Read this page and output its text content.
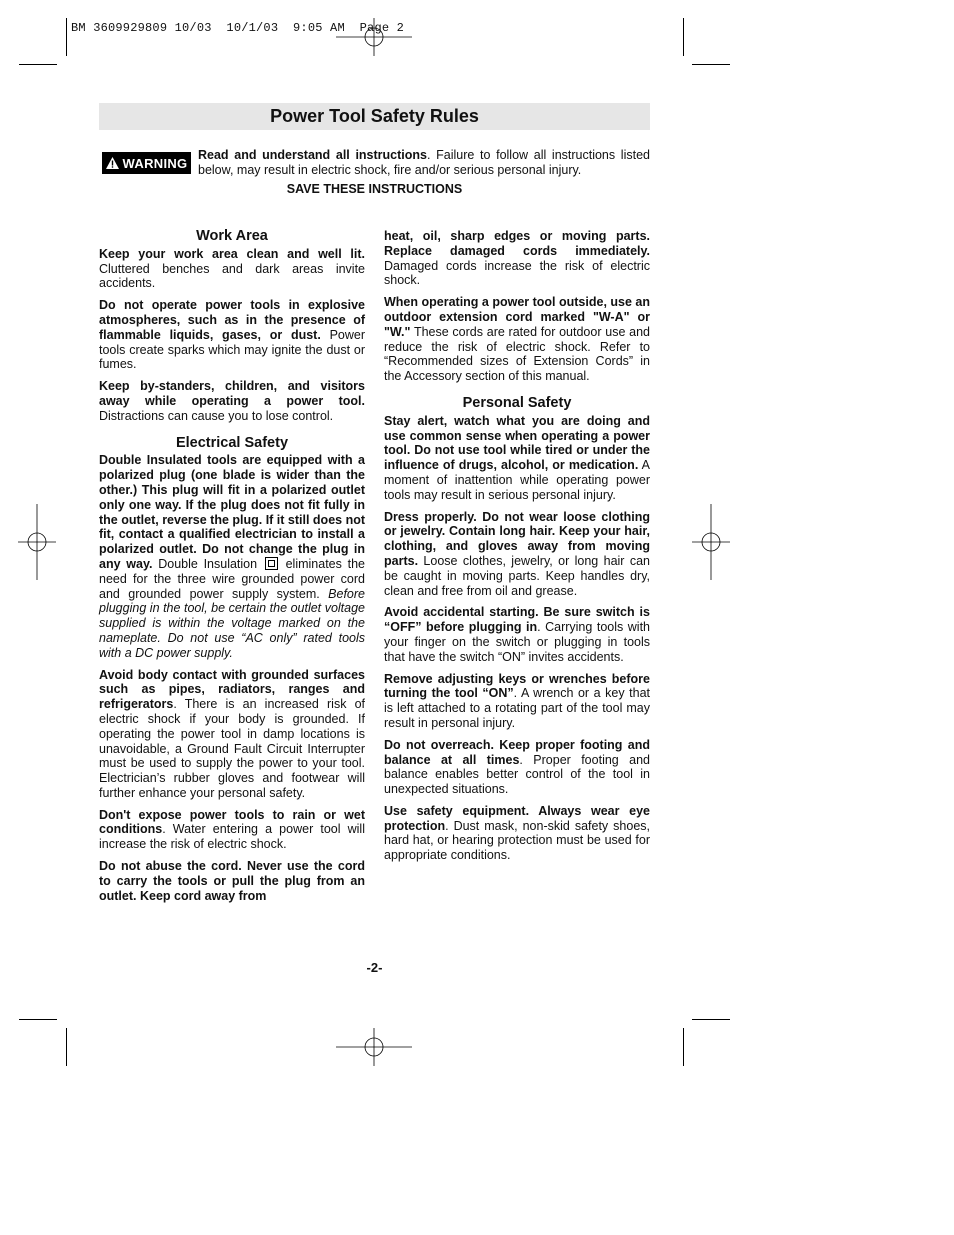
BM 3609929809 10/03  10/1/03  9:05 AM  Page 2
Power Tool Safety Rules
WARNING
Read and understand all instructions. Failure to follow all instructions listed below, may result in electric shock, fire and/or serious personal injury.
SAVE THESE INSTRUCTIONS
Work Area

Keep your work area clean and well lit. Cluttered benches and dark areas invite accidents.

Do not operate power tools in explosive atmospheres, such as in the presence of flammable liquids, gases, or dust. Power tools create sparks which may ignite the dust or fumes.

Keep by-standers, children, and visitors away while operating a power tool. Distractions can cause you to lose control.

Electrical Safety

Double Insulated tools are equipped with a polarized plug (one blade is wider than the other.) This plug will fit in a polarized outlet only one way. If the plug does not fit fully in the outlet, reverse the plug. If it still does not fit, contact a qualified electrician to install a polarized outlet. Do not change the plug in any way. Double Insulation  eliminates the need for the three wire grounded power cord and grounded power supply system. Before plugging in the tool, be certain the outlet voltage supplied is within the voltage marked on the nameplate. Do not use “AC only” rated tools with a DC power supply.

Avoid body contact with grounded surfaces such as pipes, radiators, ranges and refrigerators. There is an increased risk of electric shock if your body is grounded. If operating the power tool in damp locations is unavoidable, a Ground Fault Circuit Interrupter must be used to supply the power to your tool. Electrician’s rubber gloves and footwear will further enhance your personal safety.

Don't expose power tools to rain or wet conditions. Water entering a power tool will increase the risk of electric shock.

Do not abuse the cord. Never use the cord to carry the tools or pull the plug from an outlet. Keep cord away from

heat, oil, sharp edges or moving parts. Replace damaged cords immediately. Damaged cords increase the risk of electric shock.

When operating a power tool outside, use an outdoor extension cord marked "W-A" or "W." These cords are rated for outdoor use and reduce the risk of electric shock. Refer to “Recommended sizes of Extension Cords” in the Accessory section of this manual.

Personal Safety

Stay alert, watch what you are doing and use common sense when operating a power tool. Do not use tool while tired or under the influence of drugs, alcohol, or medication. A moment of inattention while operating power tools may result in serious personal injury.

Dress properly. Do not wear loose clothing or jewelry. Contain long hair. Keep your hair, clothing, and gloves away from moving parts. Loose clothes, jewelry, or long hair can be caught in moving parts. Keep handles dry, clean and free from oil and grease.

Avoid accidental starting. Be sure switch is “OFF” before plugging in. Carrying tools with your finger on the switch or plugging in tools that have the switch “ON” invites accidents.

Remove adjusting keys or wrenches before turning the tool “ON”. A wrench or a key that is left attached to a rotating part of the tool may result in personal injury.

Do not overreach. Keep proper footing and balance at all times. Proper footing and balance enables better control of the tool in unexpected situations.

Use safety equipment. Always wear eye protection. Dust mask, non-skid safety shoes, hard hat, or hearing protection must be used for appropriate conditions.

-2-
